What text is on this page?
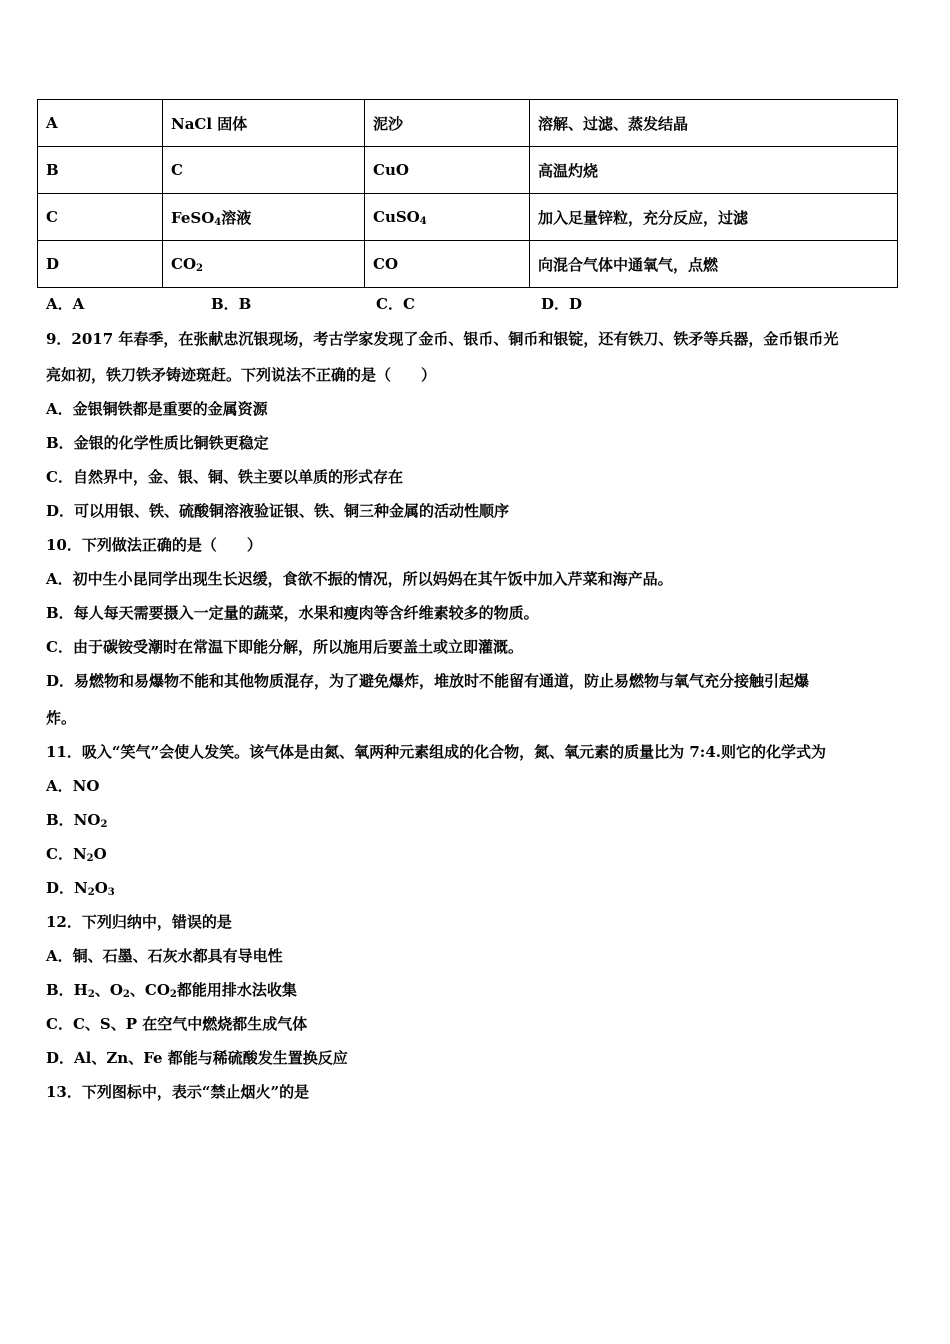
A	NaCl 固体	泥沙	溶解、过滤、蒸发结晶
B	C	CuO	高温灼烧
C	FeSO$_4$溶液	CuSO$_4$	加入足量锌粒，充分反应，过滤
D	$CO_2$	CO	向混合气体中通氧气，点燃
A．A	B．B	C．C	D．D
9．2017 年春季，在张献忠沉银现场，考古学家发现了金币、银币、铜币和银锭，还有铁刀、铁矛等兵器，金币银币光
亮如初，铁刀铁矛铸迹斑赶。下列说法不正确的是（　　）
A．金银铜铁都是重要的金属资源
B．金银的化学性质比铜铁更稳定
C．自然界中，金、银、铜、铁主要以单质的形式存在
D．可以用银、铁、硫酸铜溶液验证银、铁、铜三种金属的活动性顺序
10．下列做法正确的是（　　）
A．初中生小昆同学出现生长迟缓，食欲不振的情况，所以妈妈在其午饭中加入芹菜和海产品。
B．每人每天需要摄入一定量的蔬菜，水果和瘦肉等含纤维素较多的物质。
C．由于碳铵受潮时在常温下即能分解，所以施用后要盖土或立即灌溉。
D．易燃物和易爆物不能和其他物质混存，为了避免爆炸，堆放时不能留有通道，防止易燃物与氧气充分接触引起爆
炸。
11．吸入“笑气”会使人发笑。该气体是由氮、氧两种元素组成的化合物，氮、氧元素的质量比为 7:4.则它的化学式为
A．NO
B．$NO_2$
C．$N_2O$
D．$N_2O_3$
12．下列归纳中，错误的是
A．铜、石墨、石灰水都具有导电性
B．$H_2$、$O_2$、$CO_2$都能用排水法收集
C．C、S、P 在空气中燃烧都生成气体
D．Al、Zn、Fe 都能与稀硫酸发生置换反应
13．下列图标中，表示“禁止烟火”的是
